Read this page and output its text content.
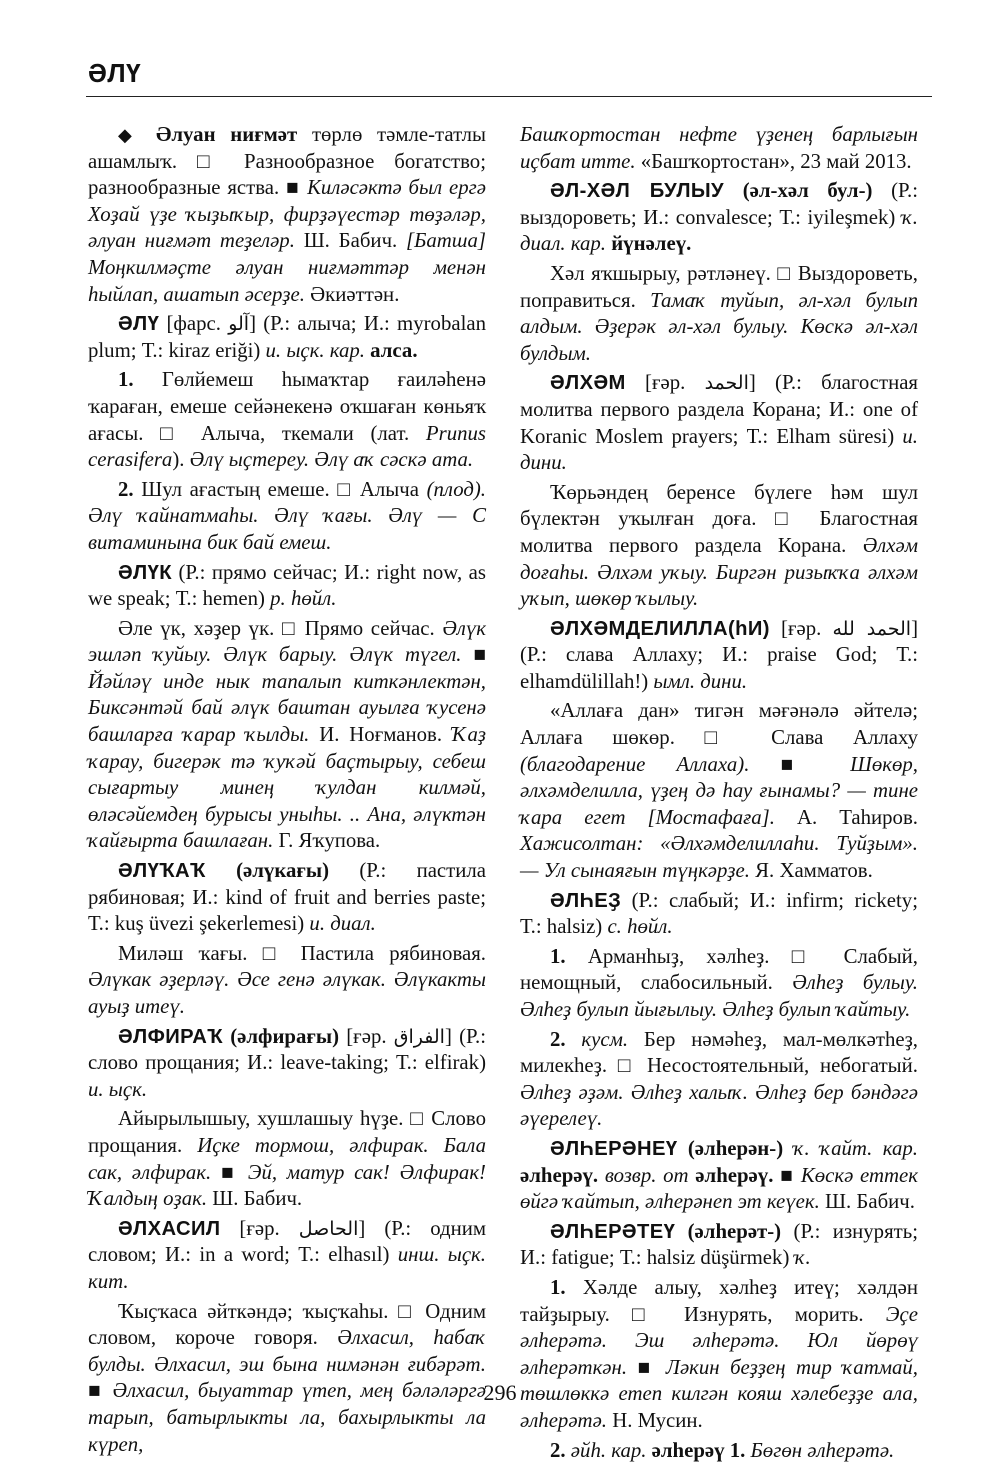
ƏЛҮ

◆ Əлуан ниғмәт төрлө тәмле-татлы ашамлыҡ. □ Разнообразное богатство; разнообразные яства. ■ Киләсәктә был ергә Хоҙай үҙе ҡыҙыҡыр, фирҙәүестәр төҙәләр, әлуан ниғмәт теҙеләр. Ш. Бабич. [Батша] Моңкилмәҫте әлуан ниғмәттәр менән һыйлап, ашатып әсерҙе. Әкиәттән.

ƏЛҮ [фарс. آلو] (Р.: алыча; И.: myrobalan plum; Т.: kiraz eriği) и. ыҫк. кар. алса.

1. Гөлйемеш һымаҡтар ғаиләһенә ҡараған, емеше сейәнекенә оҡшаған көньяҡ ағасы. □ Алыча, ткемали (лат. Prunus cerasifera). Әлү ыҫтереу. Әлү аҡ сәскә ата.

2. Шул ағастың емеше. □ Алыча (плод). Әлү ҡайнатмаһы. Әлү ҡағы. Әлү — С витаминына бик бай емеш.

ƏЛҮК (Р.: прямо сейчас; И.: right now, as we speak; Т.: hemen) р. һөйл.

Әле үк, хәҙер үк. □ Прямо сейчас. Әлүк эшләп ҡуйыу. Әлүк барыу. Әлүк түгел. ■ Йәйләү инде нык тапалып киткәнлектән, Биксәнтәй бай әлүк баштан ауылға ҡусенә башларға ҡарар ҡылды. И. Ноғманов. Ҡаҙ ҡарау, бигерәк тә ҡуҡәй баҫтырыу, себеш сығартыу минең ҡулдан килмәй, өләсәйемдең бурысы уныһы. .. Ана, әлүктән ҡайғырта башлаған. Г. Яҡупова.

ƏЛҮҠАҠ (әлүкағы) (Р.: пастила рябиновая; И.: kind of fruit and berries paste; Т.: kuş üvezi şekerlemesi) и. диал.

Миләш ҡағы. □ Пастила рябиновая. Әлүкак әҙерләү. Әсе генә әлүкак. Әлүкакты ауыҙ итеү.

ƏЛФИРАҠ (әлфирағы) [ғәр. الفراق] (Р.: слово прощания; И.: leave-taking; Т.: elfirak) и. ыҫк.

Айырылышыу, хушлашыу һүҙе. □ Слово прощания. Иҫке тормош, әлфирак. Бала сак, әлфирак. ■ Эй, матур сак! Әлфирак! Ҡалдың оҙак. Ш. Бабич.

ƏЛХАСИЛ [ғәр. الحاصل] (Р.: одним словом; И.: in a word; Т.: elhasıl) инш. ыҫк. кит.

Ҡыҫҡаса әйткәндә; ҡыҫҡаһы. □ Одним словом, короче говоря. Әлхасил, һабаҡ булды. Әлхасил, эш бына нимәнән ғибәрәт. ■ Әлхасил, быуаттар үтеп, мең бәләләргә тарып, батырлыкты ла, бахырлыкты ла күреп,

Башҡортостан нефте үҙенең барлығын иҫбат итте. «Башҡортостан», 23 май 2013.

ƏЛ-ХӘЛ БУЛЫУ (әл-хәл бул-) (Р.: выздороветь; И.: convalesce; Т.: iyileşmek) ҡ. диал. кар. йүнәлеү.

Хәл яҡшырыу, рәтләнеү. □ Выздороветь, поправиться. Тамаҡ туйып, әл-хәл булып алдым. Әҙерәк әл-хәл булыу. Көскә әл-хәл булдым.

ƏЛХӘМ [ғәр. الحمد] (Р.: благостная молитва первого раздела Корана; И.: one of Koranic Moslem prayers; Т.: Elham süresi) и. дини.

Ҡөрьәндең беренсе бүлеге һәм шул бүлектән уҡылған доға. □ Благостная молитва первого раздела Корана. Әлхәм доғаһы. Әлхәм уҡыу. Биргән ризыҡҡа әлхәм уҡып, шөкөр ҡылыу.

ƏЛХӘМДЕЛИЛЛА(һИ) [ғәр. الحمد لله] (Р.: слава Аллаху; И.: praise God; Т.: elhamdülillah!) ымл. дини.

«Аллаға дан» тигән мәғәнәлә әйтелә; Аллаға шөкөр. □ Слава Аллаху (благодарение Аллаха). ■ Шөкөр, әлхәмделилла, үҙең дә һау ғынамы? — тине ҡара егет [Мостафаға]. А. Таһиров. Хажисолтан: «Әлхәмделиллаһи. Туйҙым». — Ул сынаяғын түңкәрҙе. Я. Хамматов.

ƏЛҺЕҘ (Р.: слабый; И.: infirm; rickety; Т.: halsiz) с. һөйл.

1. Арманһыҙ, хәлһеҙ. □ Слабый, немощный, слабосильный. Әлһеҙ булыу. Әлһеҙ булып йығылыу. Әлһеҙ булып ҡайтыу.

2. кусм. Бер нәмәһеҙ, мал-мөлкәтһеҙ, милекһеҙ. □ Несостоятельный, небогатый. Әлһеҙ әҙәм. Әлһеҙ халыҡ. Әлһеҙ бер бәндәгә әүерелеү.

ƏЛҺЕРӘНЕҮ (әлһерән-) ҡ. ҡайт. кар. әлһерәү. возвр. от әлһерәү. ■ Көскә еттек өйгә ҡайтып, әлһерәнеп эт кеүек. Ш. Бабич.

ƏЛҺЕРӘТЕҮ (әлһерәт-) (Р.: изнурять; И.: fatigue; Т.: halsiz düşürmek) ҡ.

1. Хәлде алыу, хәлһеҙ итеү; хәлдән тайҙырыу. □ Изнурять, морить. Эҫе әлһерәтә. Эш әлһерәтә. Юл йөрөү әлһерәткән. ■ Ләкин беҙҙең тир ҡатмай, төшлөккә етеп килгән кояш хәлебеҙҙе ала, әлһерәтә. Н. Мусин.

2. әйһ. кар. әлһерәү 1. Бөгөн әлһерәтә.

296
